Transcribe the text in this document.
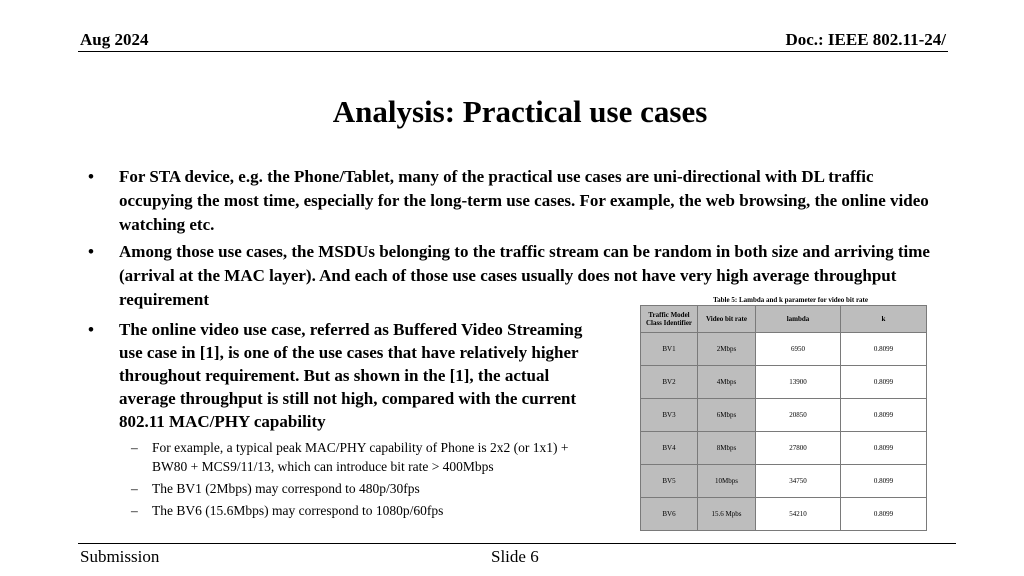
Aug 2024	Doc.: IEEE 802.11-24/
Analysis: Practical use cases
• For STA device, e.g. the Phone/Tablet, many of the practical use cases are uni-directional with DL traffic occupying the most time, especially for the long-term use cases. For example, the web browsing, the online video watching etc.
• Among those use cases, the MSDUs belonging to the traffic stream can be random in both size and arriving time (arrival at the MAC layer). And each of those use cases usually does not have very high average throughput requirement
• The online video use case, referred as Buffered Video Streaming use case in [1], is one of the use cases that have relatively higher throughout requirement. But as shown in the [1], the actual average throughput is still not high, compared with the current 802.11 MAC/PHY capability
– For example, a typical peak MAC/PHY capability of Phone is 2x2 (or 1x1) + BW80 + MCS9/11/13, which can introduce bit rate > 400Mbps
– The BV1 (2Mbps) may correspond to 480p/30fps
– The BV6 (15.6Mbps) may correspond to 1080p/60fps
Table 5: Lambda and k parameter for video bit rate
Traffic Model Class Identifier	Video bit rate	lambda	k
BV1	2Mbps	6950	0.8099
BV2	4Mbps	13900	0.8099
BV3	6Mbps	20850	0.8099
BV4	8Mbps	27800	0.8099
BV5	10Mbps	34750	0.8099
BV6	15.6 Mpbs	54210	0.8099
Submission	Slide 6
